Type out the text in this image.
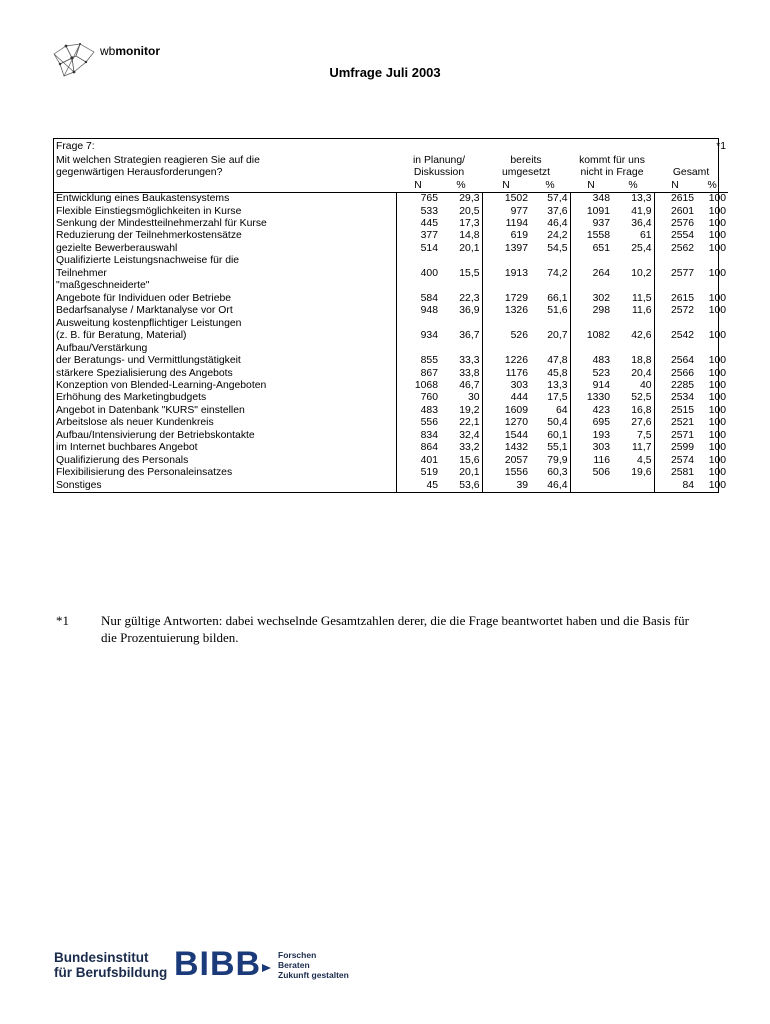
wbmonitor
Umfrage Juli 2003
Frage 7:								*1
Mit welchen Strategien reagieren Sie auf die
gegenwärtigen Herausforderungen?	in Planung/
Diskussion		bereits
umgesetzt		kommt für uns
nicht in Frage		Gesamt	
	N	%	N	%	N	%	N	%
Entwicklung eines Baukastensystems	765	29,3	1502	57,4	348	13,3	2615	100
Flexible Einstiegsmöglichkeiten in Kurse	533	20,5	977	37,6	1091	41,9	2601	100
Senkung der Mindestteilnehmerzahl für Kurse	445	17,3	1194	46,4	937	36,4	2576	100
Reduzierung der Teilnehmerkostensätze	377	14,8	619	24,2	1558	61	2554	100
gezielte Bewerberauswahl	514	20,1	1397	54,5	651	25,4	2562	100
Qualifizierte Leistungsnachweise für die
Teilnehmer	400	15,5	1913	74,2	264	10,2	2577	100
"maßgeschneiderte"
Angebote für Individuen oder Betriebe	584	22,3	1729	66,1	302	11,5	2615	100
Bedarfsanalyse / Marktanalyse vor Ort	948	36,9	1326	51,6	298	11,6	2572	100
Ausweitung kostenpflichtiger Leistungen
(z. B. für Beratung, Material)	934	36,7	526	20,7	1082	42,6	2542	100
Aufbau/Verstärkung
der Beratungs- und Vermittlungstätigkeit	855	33,3	1226	47,8	483	18,8	2564	100
stärkere Spezialisierung des Angebots	867	33,8	1176	45,8	523	20,4	2566	100
Konzeption von Blended-Learning-Angeboten	1068	46,7	303	13,3	914	40	2285	100
Erhöhung des Marketingbudgets	760	30	444	17,5	1330	52,5	2534	100
Angebot in Datenbank "KURS" einstellen	483	19,2	1609	64	423	16,8	2515	100
Arbeitslose als neuer Kundenkreis	556	22,1	1270	50,4	695	27,6	2521	100
Aufbau/Intensivierung der Betriebskontakte	834	32,4	1544	60,1	193	7,5	2571	100
im Internet buchbares Angebot	864	33,2	1432	55,1	303	11,7	2599	100
Qualifizierung des Personals	401	15,6	2057	79,9	116	4,5	2574	100
Flexibilisierung des Personaleinsatzes	519	20,1	1556	60,3	506	19,6	2581	100
Sonstiges	45	53,6	39	46,4			84	100
*1 Nur gültige Antworten: dabei wechselnde Gesamtzahlen derer, die die Frage beantwortet haben und die Basis für die Prozentuierung bilden.
Bundesinstitut
für Berufsbildung BIBB Forschen
Beraten
Zukunft gestalten
